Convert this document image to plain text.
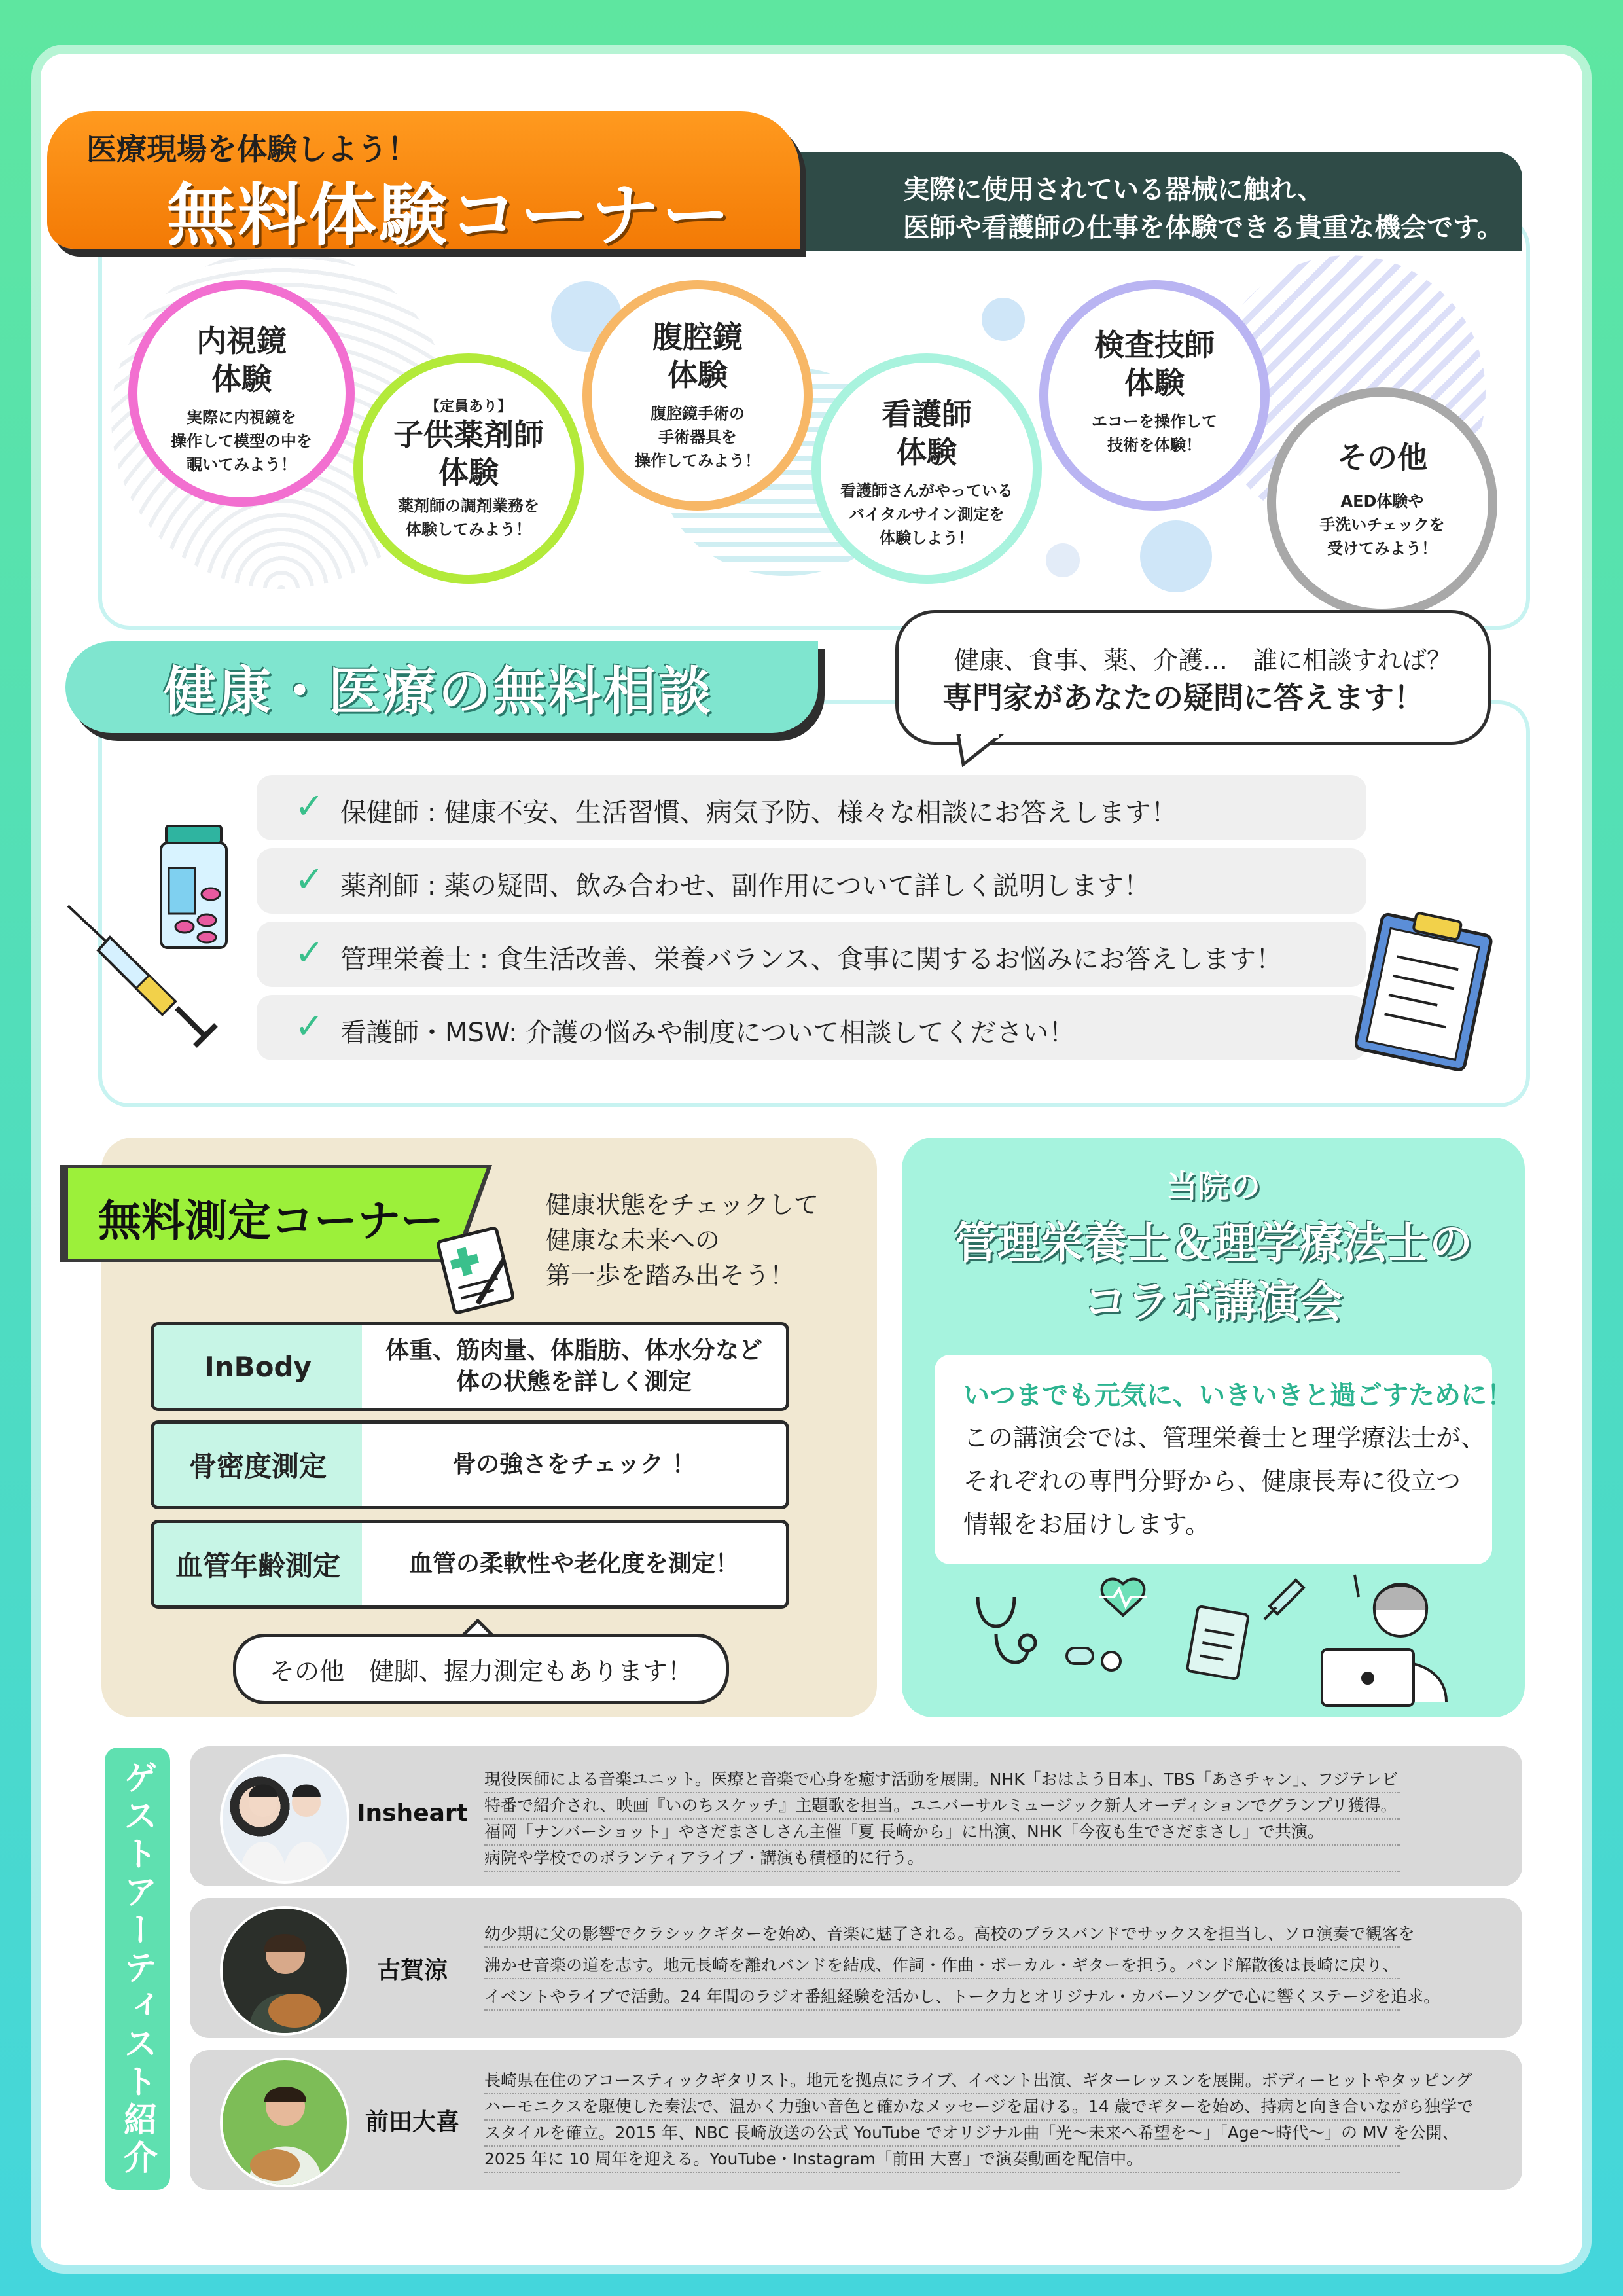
実際に使用されている器械に触れ、
医師や看護師の仕事を体験できる貴重な機会です。
医療現場を体験しよう！
無料体験コーナー
内視鏡
体験
実際に内視鏡を
操作して模型の中を
覗いてみよう！
【定員あり】
子供薬剤師
体験
薬剤師の調剤業務を
体験してみよう！
腹腔鏡
体験
腹腔鏡手術の
手術器具を
操作してみよう！
看護師
体験
看護師さんがやっている
バイタルサイン測定を
体験しよう！
検査技師
体験
エコーを操作して
技術を体験！	その他
AED体験や
手洗いチェックを
受けてみよう！
健康・医療の無料相談
健康、食事、薬、介護…　誰に相談すれば？
専門家があなたの疑問に答えます！
✓
✓
✓
✓
保健師 : 健康不安、生活習慣、病気予防、様々な相談にお答えします！
薬剤師 : 薬の疑問、飲み合わせ、副作用について詳しく説明します！
管理栄養士 : 食生活改善、栄養バランス、食事に関するお悩みにお答えします！
看護師・MSW: 介護の悩みや制度について相談してください！
無料測定コーナー	健康状態をチェックして
健康な未来への
第一歩を踏み出そう！
InBody	体重、筋肉量、体脂肪、体水分など
体の状態を詳しく測定
骨密度測定	骨の強さをチェック ！
血管年齢測定	血管の柔軟性や老化度を測定！
その他　健脚、握力測定もあります！
当院の
管理栄養士＆理学療法士の
コラボ講演会
いつまでも元気に、いきいきと過ごすために！
この講演会では、管理栄養士と理学療法士が、
それぞれの専門分野から、健康長寿に役立つ
情報をお届けします。
ゲストアーティスト紹介	Insheart
現役医師による音楽ユニット。医療と音楽で心身を癒す活動を展開。NHK「おはよう日本」、TBS「あさチャン」、フジテレビ
特番で紹介され、映画『いのちスケッチ』主題歌を担当。ユニバーサルミュージック新人オーディションでグランプリ獲得。
福岡「ナンバーショット」やさだまさしさん主催「夏 長崎から」に出演、NHK「今夜も生でさだまさし」で共演。
病院や学校でのボランティアライブ・講演も積極的に行う。
古賀涼
幼少期に父の影響でクラシックギターを始め、音楽に魅了される。高校のブラスバンドでサックスを担当し、ソロ演奏で観客を
沸かせ音楽の道を志す。地元長崎を離れバンドを結成、作詞・作曲・ボーカル・ギターを担う。バンド解散後は長崎に戻り、
イベントやライブで活動。24 年間のラジオ番組経験を活かし、トーク力とオリジナル・カバーソングで心に響くステージを追求。
前田大喜
長崎県在住のアコースティックギタリスト。地元を拠点にライブ、イベント出演、ギターレッスンを展開。ボディーヒットやタッピング
ハーモニクスを駆使した奏法で、温かく力強い音色と確かなメッセージを届ける。14 歳でギターを始め、持病と向き合いながら独学で
スタイルを確立。2015 年、NBC 長崎放送の公式 YouTube でオリジナル曲「光～未来へ希望を～」「Age～時代～」の MV を公開、
2025 年に 10 周年を迎える。YouTube・Instagram「前田 大喜」で演奏動画を配信中。
